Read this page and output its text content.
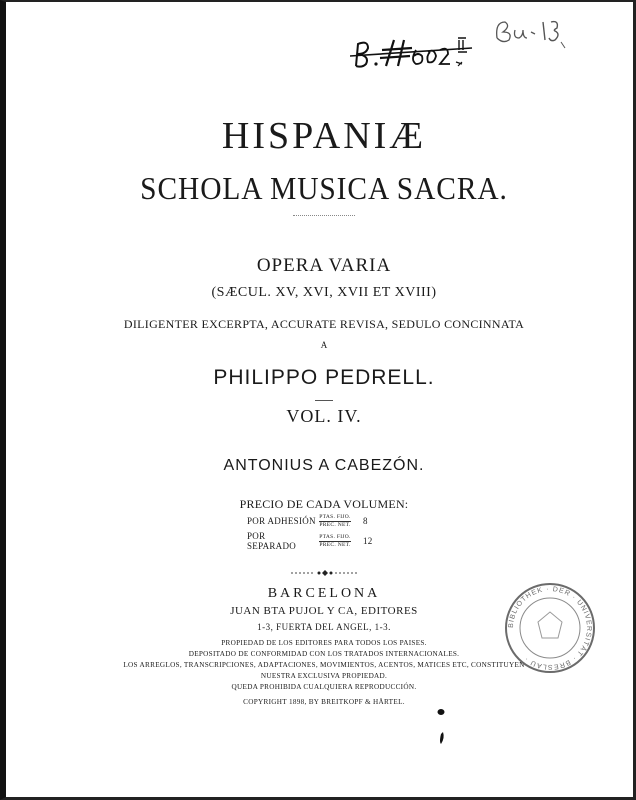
HISPANIÆ
SCHOLA MUSICA SACRA.
OPERA VARIA
(SÆCUL. XV, XVI, XVII ET XVIII)
DILIGENTER EXCERPTA, ACCURATE REVISA, SEDULO CONCINNATA
A
PHILIPPO PEDRELL.
VOL. IV.
ANTONIUS A CABEZÓN.
PRECIO DE CADA VOLUMEN:
POR ADHESIÓN $\frac{\text{PTAS. FIJO.}}{\text{PREC. NET.}} 8$
POR SEPARADO	$\frac{\text{PTAS. FIJO.}}{\text{PREC. NET.}} 12$
BARCELONA
JUAN BTA PUJOL Y CA, EDITORES
1-3, FUERTA DEL ANGEL, 1-3.
PROPIEDAD DE LOS EDITORES PARA TODOS LOS PAISES.
DEPOSITADO DE CONFORMIDAD CON LOS TRATADOS INTERNACIONALES.
LOS ARREGLOS, TRANSCRIPCIONES, ADAPTACIONES, MOVIMIENTOS, ACENTOS, MATICES ETC, CONSTITUYEN
NUESTRA EXCLUSIVA PROPIEDAD.
QUEDA PROHIBIDA CUALQUIERA REPRODUCCIÓN.
COPYRIGHT 1898, BY BREITKOPF & HÄRTEL.
BIBLIOTHEK · DER · UNIVERSITÄT · BRESLAU ·
